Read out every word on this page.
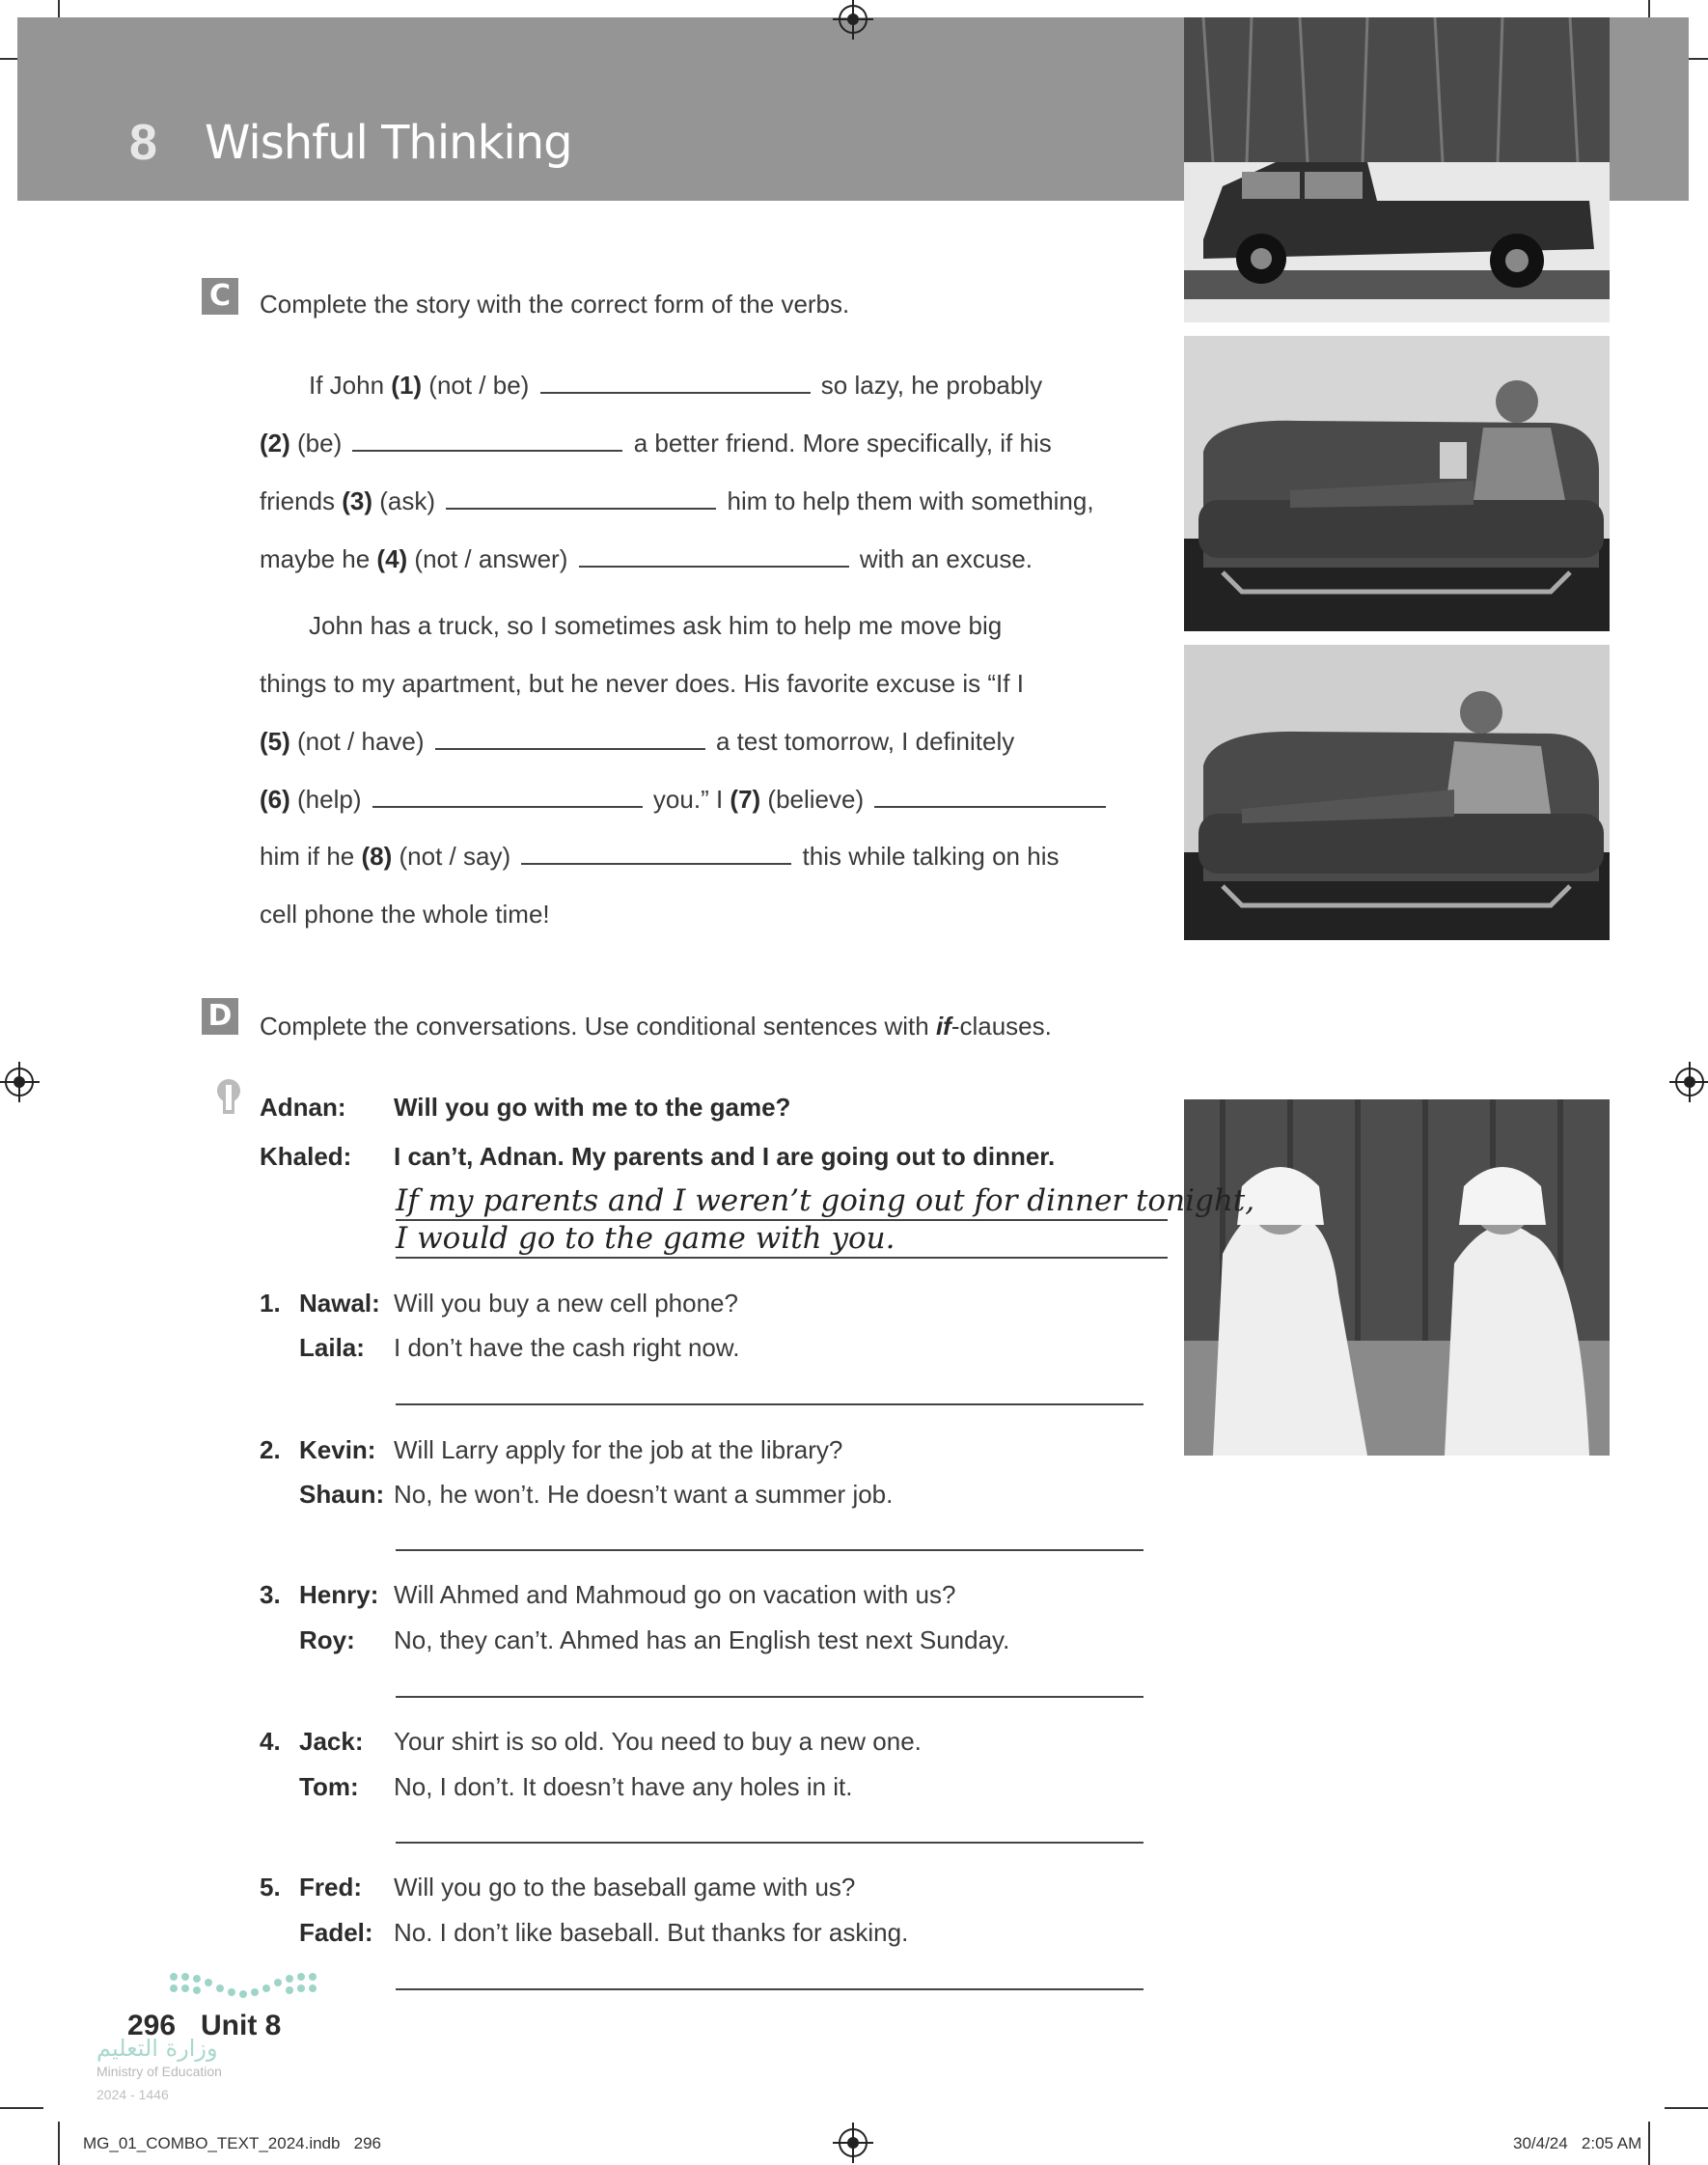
8 Wishful Thinking
C	Complete the story with the correct form of the verbs.
If John (1) (not / be)	so lazy, he probably
(2) (be)	a better friend. More specifically, if his
friends (3) (ask)	him to help them with something,
maybe he (4) (not / answer)	with an excuse.
John has a truck, so I sometimes ask him to help me move big
things to my apartment, but he never does. His favorite excuse is “If I
(5) (not / have)	a test tomorrow, I definitely
(6) (help)	you.” I (7) (believe)
him if he (8) (not / say)	this while talking on his
cell phone the whole time!
D Complete the conversations. Use conditional sentences with if-clauses.
Adnan: Will you go with me to the game?
Khaled: I can’t, Adnan. My parents and I are going out to dinner.
If my parents and I weren’t going out for dinner tonight,
I would go to the game with you.
1. Nawal: Will you buy a new cell phone?
Laila: I don’t have the cash right now.
2. Kevin: Will Larry apply for the job at the library?
Shaun: No, he won’t. He doesn’t want a summer job.
3. Henry: Will Ahmed and Mahmoud go on vacation with us?
Roy: No, they can’t. Ahmed has an English test next Sunday.
4. Jack: Your shirt is so old. You need to buy a new one.
Tom: No, I don’t. It doesn’t have any holes in it.
5. Fred: Will you go to the baseball game with us?
Fadel: No. I don’t like baseball. But thanks for asking.
296 Unit 8
وزارة التعليم
Ministry of Education
2024 - 1446
MG_01_COMBO_TEXT_2024.indb   296	30/4/24   2:05 AM
